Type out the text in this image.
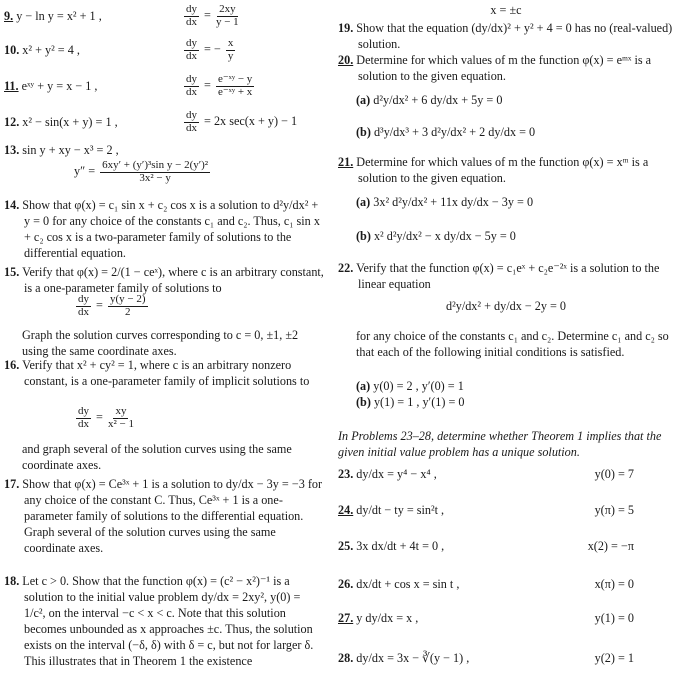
9. y − ln y = x² + 1 ,	$\frac{dy}{dx} = \frac{2xy}{y - 1}$
10. x² + y² = 4 ,	$\frac{dy}{dx}$ = − $\frac{x}{y}$
11. eˣʸ + y = x − 1 ,	$\frac{dy}{dx} = \frac{\text{e⁻ˣʸ − y}}{\text{e⁻ˣʸ + x}}$
12. x² − sin(x + y) = 1 ,	$\frac{dy}{dx} = 2x$ sec(x + y) − 1
13. sin y + xy − x³ = 2 ,
$y'' = \frac{\text{6xy′ + (y′)³sin y − 2(y′)²}}{\text{3x² − y}}$
14. Show that φ(x) = c₁ sin x + c₂ cos x is a solution to d²y/dx² + y = 0 for any choice of the constants c₁ and c₂. Thus, c₁ sin x + c₂ cos x is a two-parameter family of solutions to the differential equation.
15. Verify that φ(x) = 2/(1 − ceˣ), where c is an arbitrary constant, is a one-parameter family of solutions to
$\frac{dy}{dx} = \frac{y(y - 2)}{2}$
Graph the solution curves corresponding to c = 0, ±1, ±2 using the same coordinate axes.
16. Verify that x² + cy² = 1, where c is an arbitrary nonzero constant, is a one-parameter family of implicit solutions to
$\frac{dy}{dx} = \frac{xy}{\text{x² − 1}}$
and graph several of the solution curves using the same coordinate axes.
17. Show that φ(x) = Ce³ˣ + 1 is a solution to dy/dx − 3y = −3 for any choice of the constant C. Thus, Ce³ˣ + 1 is a one-parameter family of solutions to the differential equation. Graph several of the solution curves using the same coordinate axes.
18. Let c > 0. Show that the function φ(x) = (c² − x²)⁻¹ is a solution to the initial value problem dy/dx = 2xy², y(0) = 1/c², on the interval −c < x < c. Note that this solution becomes unbounded as x approaches ±c. Thus, the solution exists on the interval (−δ, δ) with δ = c, but not for larger δ. This illustrates that in Theorem 1 the existence
x = ±c
19. Show that the equation (dy/dx)² + y² + 4 = 0 has no (real-valued) solution.
20. Determine for which values of m the function φ(x) = eᵐˣ is a solution to the given equation.
(a) d²y/dx² + 6 dy/dx + 5y = 0
(b) d³y/dx³ + 3 d²y/dx² + 2 dy/dx = 0
21. Determine for which values of m the function φ(x) = xᵐ is a solution to the given equation.
(a) 3x² d²y/dx² + 11x dy/dx − 3y = 0
(b) x² d²y/dx² − x dy/dx − 5y = 0
22. Verify that the function φ(x) = c₁eˣ + c₂e⁻²ˣ is a solution to the linear equation
d²y/dx² + dy/dx − 2y = 0
for any choice of the constants c₁ and c₂. Determine c₁ and c₂ so that each of the following initial conditions is satisfied.
(a) y(0) = 2 , y′(0) = 1
(b) y(1) = 1 , y′(1) = 0
In Problems 23–28, determine whether Theorem 1 implies that the given initial value problem has a unique solution.
23. dy/dx = y⁴ − x⁴ ,	y(0) = 7
24. dy/dt − ty = sin²t ,	y(π) = 5
25. 3x dx/dt + 4t = 0 ,	x(2) = −π
26. dx/dt + cos x = sin t ,	x(π) = 0
27. y dy/dx = x ,	y(1) = 0
28. dy/dx = 3x − ∛(y − 1) ,	y(2) = 1
